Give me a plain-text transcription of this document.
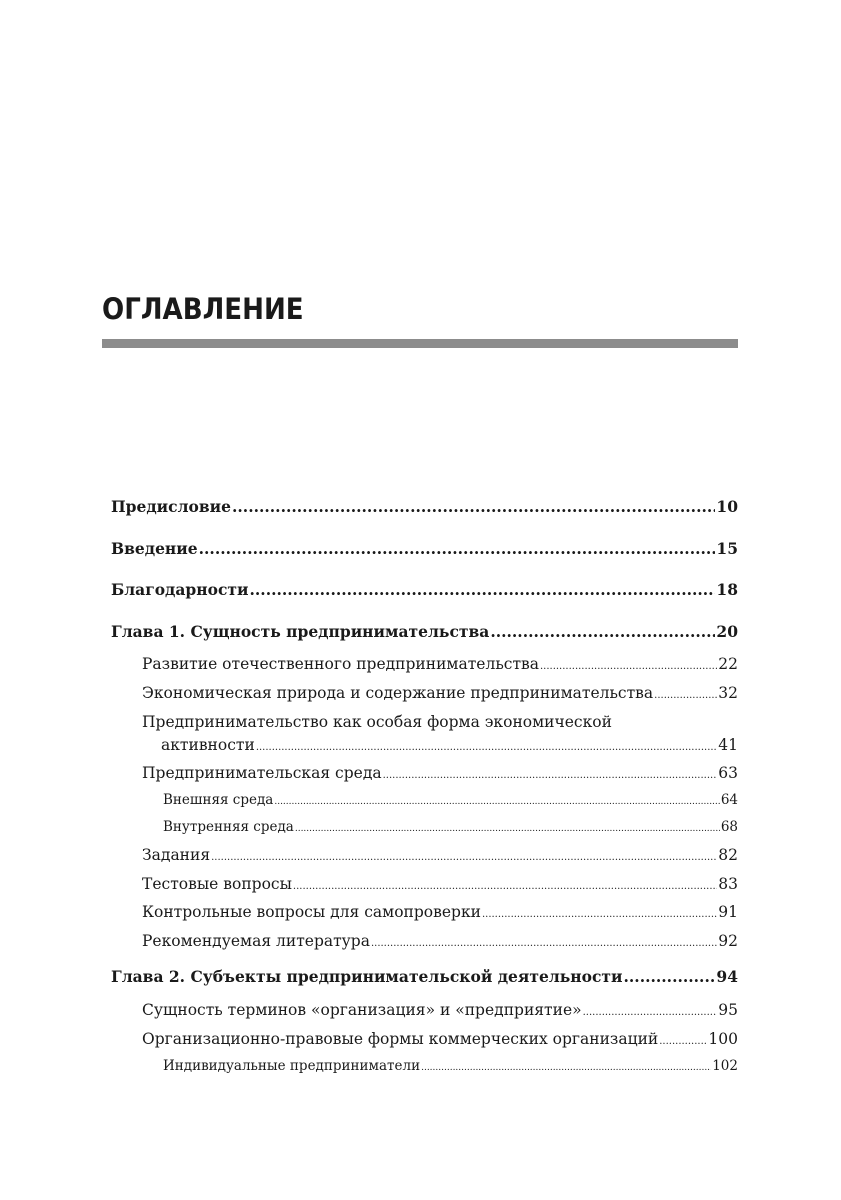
ОГЛАВЛЕНИЕ
Предисловие .....	10
Введение .....	15
Благодарности .....	18
Глава 1. Сущность предпринимательства .....	20
Развитие отечественного предпринимательства .....	22
Экономическая природа и содержание предпринимательства .....	32
Предпринимательство как особая форма экономической
активности .....	41
Предпринимательская среда .....	63
Внешняя среда .....	64
Внутренняя среда .....	68
Задания .....	82
Тестовые вопросы .....	83
Контрольные вопросы для самопроверки .....	91
Рекомендуемая литература .....	92
Глава 2. Субъекты предпринимательской деятельности .....	94
Сущность терминов «организация» и «предприятие» .....	95
Организационно-правовые формы коммерческих организаций .....	100
Индивидуальные предприниматели .....	102
